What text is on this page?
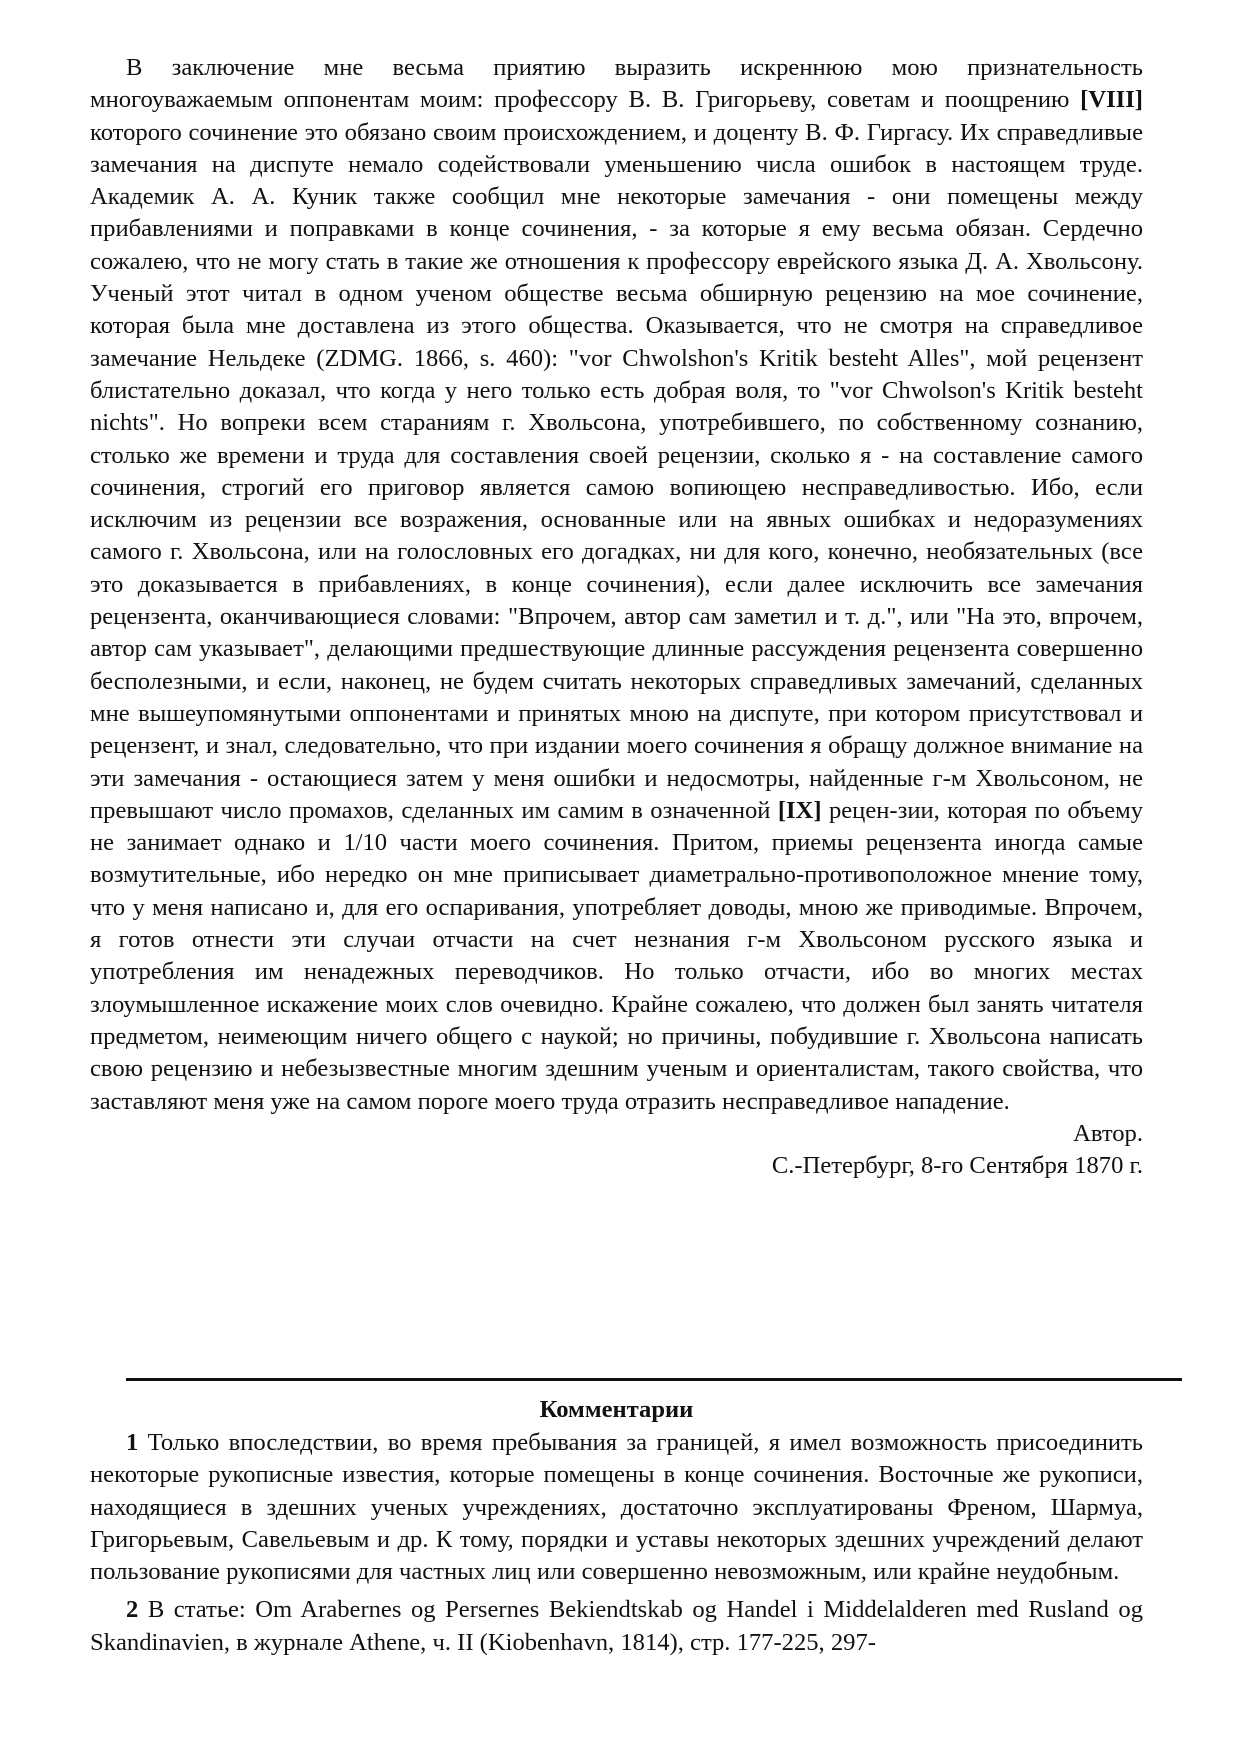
В заключение мне весьма приятию выразить искреннюю мою признательность многоуважаемым оппонентам моим: профессору В. В. Григорьеву, советам и поощрению [VIII] которого сочинение это обязано своим происхождением, и доценту В. Ф. Гиргасу. Их справедливые замечания на диспуте немало содействовали уменьшению числа ошибок в настоящем труде. Академик А. А. Куник также сообщил мне некоторые замечания - они помещены между прибавлениями и поправками в конце сочинения, - за которые я ему весьма обязан. Сердечно сожалею, что не могу стать в такие же отношения к профессору еврейского языка Д. А. Хвольсону. Ученый этот читал в одном ученом обществе весьма обширную рецензию на мое сочинение, которая была мне доставлена из этого общества. Оказывается, что не смотря на справедливое замечание Нельдеке (ZDMG. 1866, s. 460): "vor Chwolshon's Kritik besteht Alles", мой рецензент блистательно доказал, что когда у него только есть добрая воля, то "vor Chwolson's Kritik besteht nichts". Но вопреки всем стараниям г. Хвольсона, употребившего, по собственному сознанию, столько же времени и труда для составления своей рецензии, сколько я - на составление самого сочинения, строгий его приговор является самою вопиющею несправедливостью. Ибо, если исключим из рецензии все возражения, основанные или на явных ошибках и недоразумениях самого г. Хвольсона, или на голословных его догадках, ни для кого, конечно, необязательных (все это доказывается в прибавлениях, в конце сочинения), если далее исключить все замечания рецензента, оканчивающиеся словами: "Впрочем, автор сам заметил и т. д.", или "На это, впрочем, автор сам указывает", делающими предшествующие длинные рассуждения рецензента совершенно бесполезными, и если, наконец, не будем считать некоторых справедливых замечаний, сделанных мне вышеупомянутыми оппонентами и принятых мною на диспуте, при котором присутствовал и рецензент, и знал, следовательно, что при издании моего сочинения я обращу должное внимание на эти замечания - остающиеся затем у меня ошибки и недосмотры, найденные г-м Хвольсоном, не превышают число промахов, сделанных им самим в означенной [IX] рецен-зии, которая по объему не занимает однако и 1/10 части моего сочинения. Притом, приемы рецензента иногда самые возмутительные, ибо нередко он мне приписывает диаметрально-противоположное мнение тому, что у меня написано и, для его оспаривания, употребляет доводы, мною же приводимые. Впрочем, я готов отнести эти случаи отчасти на счет незнания г-м Хвольсоном русского языка и употребления им ненадежных переводчиков. Но только отчасти, ибо во многих местах злоумышленное искажение моих слов очевидно. Крайне сожалею, что должен был занять читателя предметом, неимеющим ничего общего с наукой; но причины, побудившие г. Хвольсона написать свою рецензию и небезызвестные многим здешним ученым и ориенталистам, такого свойства, что заставляют меня уже на самом пороге моего труда отразить несправедливое нападение.

Автор.

С.-Петербург, 8-го Сентября 1870 г.

Комментарии

1 Только впоследствии, во время пребывания за границей, я имел возможность присоединить некоторые рукописные известия, которые помещены в конце сочинения. Восточные же рукописи, находящиеся в здешних ученых учреждениях, достаточно эксплуатированы Френом, Шармуа, Григорьевым, Савельевым и др. К тому, порядки и уставы некоторых здешних учреждений делают пользование рукописями для частных лиц или совершенно невозможным, или крайне неудобным.

2 В статье: Om Arabernes og Persernes Bekiendtskab og Handel i Middelalderen med Rusland og Skandinavien, в журнале Athene, ч. II (Kiobenhavn, 1814), стр. 177-225, 297-
